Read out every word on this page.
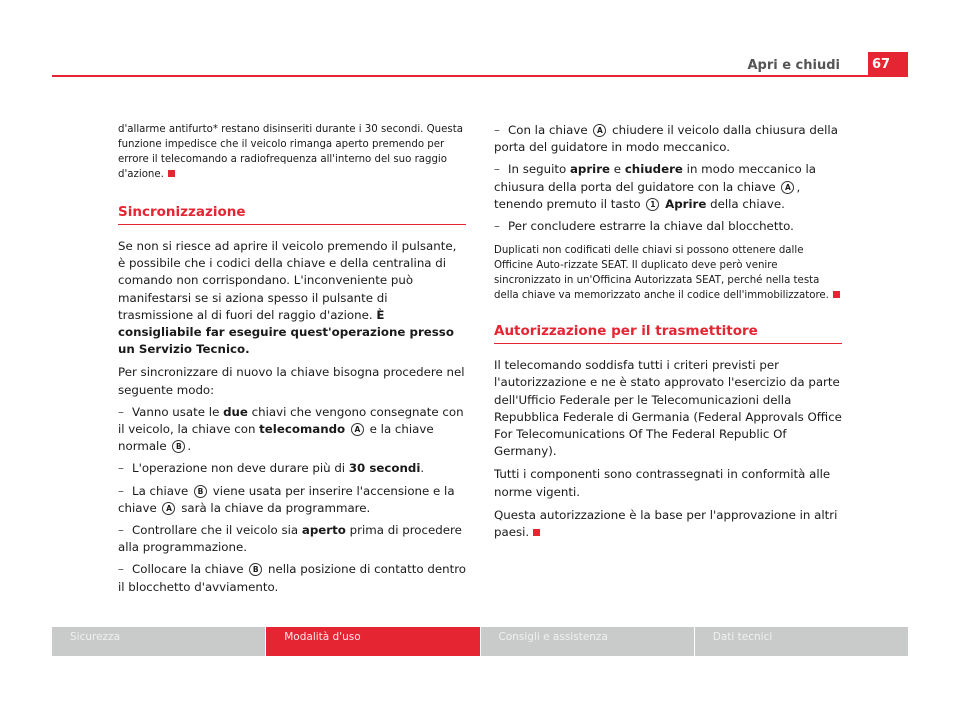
Apri e chiudi	67

d'allarme antifurto* restano disinseriti durante i 30 secondi. Questa funzione impedisce che il veicolo rimanga aperto premendo per errore il telecomando a radiofrequenza all'interno del suo raggio d'azione.

Sincronizzazione

Se non si riesce ad aprire il veicolo premendo il pulsante, è possibile che i codici della chiave e della centralina di comando non corrispondano. L'inconveniente può manifestarsi se si aziona spesso il pulsante di trasmissione al di fuori del raggio d'azione. È consigliabile far eseguire quest'operazione presso un Servizio Tecnico.

Per sincronizzare di nuovo la chiave bisogna procedere nel seguente modo:

– Vanno usate le due chiavi che vengono consegnate con il veicolo, la chiave con telecomando A e la chiave normale B .

– L'operazione non deve durare più di 30 secondi.

– La chiave B viene usata per inserire l'accensione e la chiave A sarà la chiave da programmare.

– Controllare che il veicolo sia aperto prima di procedere alla programmazione.

– Collocare la chiave B nella posizione di contatto dentro il blocchetto d'avviamento.

– Con la chiave A chiudere il veicolo dalla chiusura della porta del guidatore in modo meccanico.

– In seguito aprire e chiudere in modo meccanico la chiusura della porta del guidatore con la chiave A , tenendo premuto il tasto 1 Aprire della chiave.

– Per concludere estrarre la chiave dal blocchetto.

Duplicati non codificati delle chiavi si possono ottenere dalle Officine Auto-rizzate SEAT. Il duplicato deve però venire sincronizzato in un'Officina Autorizzata SEAT, perché nella testa della chiave va memorizzato anche il codice dell'immobilizzatore.

Autorizzazione per il trasmettitore

Il telecomando soddisfa tutti i criteri previsti per l'autorizzazione e ne è stato approvato l'esercizio da parte dell'Ufficio Federale per le Telecomunicazioni della Repubblica Federale di Germania (Federal Approvals Office For Telecomunications Of The Federal Republic Of Germany).

Tutti i componenti sono contrassegnati in conformità alle norme vigenti.

Questa autorizzazione è la base per l'approvazione in altri paesi.

Sicurezza	Modalità d'uso	Consigli e assistenza	Dati tecnici
